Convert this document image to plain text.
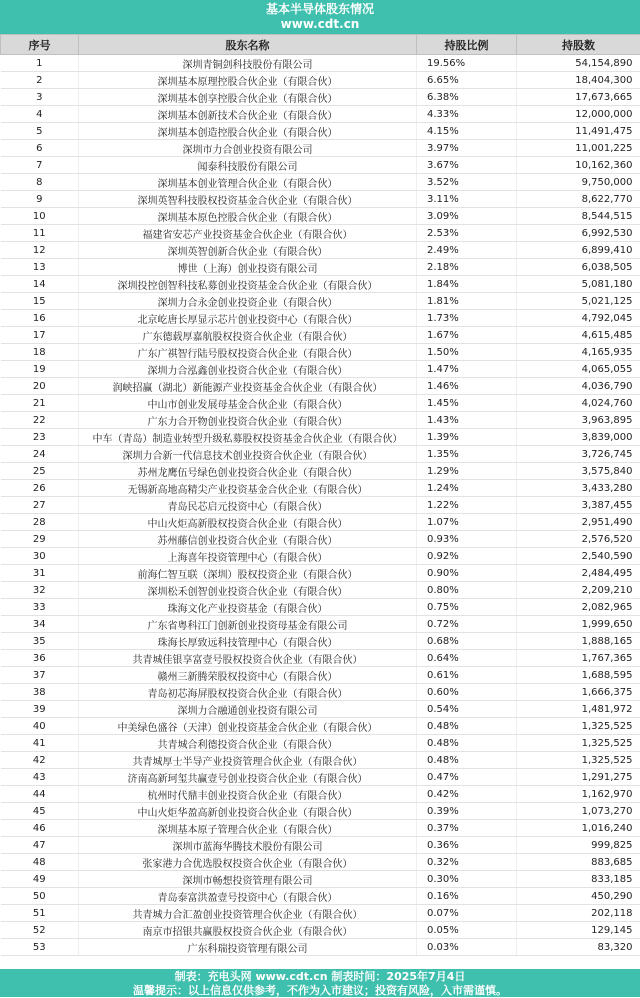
基本半导体股东情况
www.cdt.cn
序号	股东名称	持股比例	持股数
1	深圳青铜剑科技股份有限公司	19.56%	54,154,890
2	深圳基本原理控股合伙企业（有限合伙）	6.65%	18,404,300
3	深圳基本创享控股合伙企业（有限合伙）	6.38%	17,673,665
4	深圳基本创新技术合伙企业（有限合伙）	4.33%	12,000,000
5	深圳基本创造控股合伙企业（有限合伙）	4.15%	11,491,475
6	深圳市力合创业投资有限公司	3.97%	11,001,225
7	闻泰科技股份有限公司	3.67%	10,162,360
8	深圳基本创业管理合伙企业（有限合伙）	3.52%	9,750,000
9	深圳英智科技股权投资基金合伙企业（有限合伙）	3.11%	8,622,770
10	深圳基本原色控股合伙企业（有限合伙）	3.09%	8,544,515
11	福建省安芯产业投资基金合伙企业（有限合伙）	2.53%	6,992,530
12	深圳英智创新合伙企业（有限合伙）	2.49%	6,899,410
13	博世（上海）创业投资有限公司	2.18%	6,038,505
14	深圳投控创智科技私募创业投资基金合伙企业（有限合伙）	1.84%	5,081,180
15	深圳力合永金创业投资企业（有限合伙）	1.81%	5,021,125
16	北京屹唐长厚显示芯片创业投资中心（有限合伙）	1.73%	4,792,045
17	广东德载厚嘉航股权投资合伙企业（有限合伙）	1.67%	4,615,485
18	广东广祺智行陆号股权投资合伙企业（有限合伙）	1.50%	4,165,935
19	深圳力合泓鑫创业投资合伙企业（有限合伙）	1.47%	4,065,055
20	润峡招赢（湖北）新能源产业投资基金合伙企业（有限合伙）	1.46%	4,036,790
21	中山市创业发展母基金合伙企业（有限合伙）	1.45%	4,024,760
22	广东力合开物创业投资合伙企业（有限合伙）	1.43%	3,963,895
23	中车（青岛）制造业转型升级私募股权投资基金合伙企业（有限合伙）	1.39%	3,839,000
24	深圳力合新一代信息技术创业投资合伙企业（有限合伙）	1.35%	3,726,745
25	苏州龙鹰伍号绿色创业投资合伙企业（有限合伙）	1.29%	3,575,840
26	无锡新高地高精尖产业投资基金合伙企业（有限合伙）	1.24%	3,433,280
27	青岛民芯启元投资中心（有限合伙）	1.22%	3,387,455
28	中山火炬高新股权投资合伙企业（有限合伙）	1.07%	2,951,490
29	苏州藤信创业投资合伙企业（有限合伙）	0.93%	2,576,520
30	上海喜年投资管理中心（有限合伙）	0.92%	2,540,590
31	前海仁智互联（深圳）股权投资企业（有限合伙）	0.90%	2,484,495
32	深圳松禾创智创业投资合伙企业（有限合伙）	0.80%	2,209,210
33	珠海文化产业投资基金（有限合伙）	0.75%	2,082,965
34	广东省粤科江门创新创业投资母基金有限公司	0.72%	1,999,650
35	珠海长厚致远科技管理中心（有限合伙）	0.68%	1,888,165
36	共青城佳银享富壹号股权投资合伙企业（有限合伙）	0.64%	1,767,365
37	赣州三新腾荣股权投资中心（有限合伙）	0.61%	1,688,595
38	青岛初芯海屏股权投资合伙企业（有限合伙）	0.60%	1,666,375
39	深圳力合融通创业投资有限公司	0.54%	1,481,972
40	中美绿色盛谷（天津）创业投资基金合伙企业（有限合伙）	0.48%	1,325,525
41	共青城合利德投资合伙企业（有限合伙）	0.48%	1,325,525
42	共青城厚士半导产业投资管理合伙企业（有限合伙）	0.48%	1,325,525
43	济南高新珂玺共赢壹号创业投资合伙企业（有限合伙）	0.47%	1,291,275
44	杭州时代鼎丰创业投资合伙企业（有限合伙）	0.42%	1,162,970
45	中山火炬华盈高新创业投资合伙企业（有限合伙）	0.39%	1,073,270
46	深圳基本原子管理合伙企业（有限合伙）	0.37%	1,016,240
47	深圳市蓝海华腾技术股份有限公司	0.36%	999,825
48	张家港力合优选股权投资合伙企业（有限合伙）	0.32%	883,685
49	深圳市畅想投资管理有限公司	0.30%	833,185
50	青岛泰富洪盈壹号投资中心（有限合伙）	0.16%	450,290
51	共青城力合汇盈创业投资管理合伙企业（有限合伙）	0.07%	202,118
52	南京市招银共赢股权投资合伙企业（有限合伙）	0.05%	129,145
53	广东科瑞投资管理有限公司	0.03%	83,320
制表：充电头网 www.cdt.cn 制表时间：2025年7月4日
温馨提示：以上信息仅供参考，不作为入市建议；投资有风险，入市需谨慎。
